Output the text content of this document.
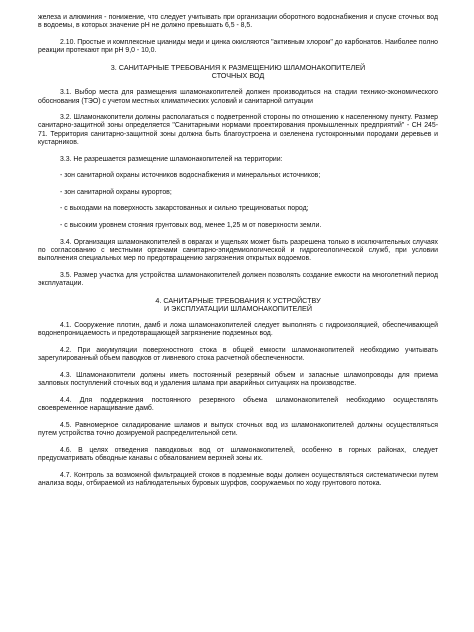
железа и алюминия - понижение, что следует учитывать при организации оборотного водоснабжения и спуске сточных вод в водоемы, в которых значение pH не должно превышать 6,5 - 8,5.

2.10. Простые и комплексные цианиды меди и цинка окисляются "активным хлором" до карбонатов. Наиболее полно реакции протекают при pH 9,0 - 10,0.

3. САНИТАРНЫЕ ТРЕБОВАНИЯ К РАЗМЕЩЕНИЮ ШЛАМОНАКОПИТЕЛЕЙ

СТОЧНЫХ ВОД

3.1. Выбор места для размещения шламонакопителей должен производиться на стадии технико-экономического обоснования (ТЭО) с учетом местных климатических условий и санитарной ситуации

3.2. Шламонакопители должны располагаться с подветренной стороны по отношению к населенному пункту. Размер санитарно-защитной зоны определяется "Санитарными нормами проектирования промышленных предприятий" - СН 245-71. Территория санитарно-защитной зоны должна быть благоустроена и озеленена густокронными породами деревьев и кустарников.

3.3. Не разрешается размещение шламонакопителей на территории:

- зон санитарной охраны источников водоснабжения и минеральных источников;

- зон санитарной охраны курортов;

- с выходами на поверхность закарстованных и сильно трещиноватых пород;

- с высоким уровнем стояния грунтовых вод, менее 1,25 м от поверхности земли.

3.4. Организация шламонакопителей в оврагах и ущельях может быть разрешена только в исключительных случаях по согласованию с местными органами санитарно-эпидемиологической и гидрогеологической служб, при условии выполнения специальных мер по предотвращению загрязнения открытых водоемов.

3.5. Размер участка для устройства шламонакопителей должен позволять создание емкости на многолетний период эксплуатации.

4. САНИТАРНЫЕ ТРЕБОВАНИЯ К УСТРОЙСТВУ

И ЭКСПЛУАТАЦИИ ШЛАМОНАКОПИТЕЛЕЙ

4.1. Сооружение плотин, дамб и ложа шламонакопителей следует выполнять с гидроизоляцией, обеспечивающей водонепроницаемость и предотвращающей загрязнение подземных вод.

4.2. При аккумуляции поверхностного стока в общей емкости шламонакопителей необходимо учитывать зарегулированный объем паводков от ливневого стока расчетной обеспеченности.

4.3. Шламонакопители должны иметь постоянный резервный объем и запасные шламопроводы для приема залповых поступлений сточных вод и удаления шлама при аварийных ситуациях на производстве.

4.4. Для поддержания постоянного резервного объема шламонакопителей необходимо осуществлять своевременное наращивание дамб.

4.5. Равномерное складирование шламов и выпуск сточных вод из шламонакопителей должны осуществляться путем устройства точно дозируемой распределительной сети.

4.6. В целях отведения паводковых вод от шламонакопителей, особенно в горных районах, следует предусматривать обводные канавы с обвалованием верхней зоны их.

4.7. Контроль за возможной фильтрацией стоков в подземные воды должен осуществляться систематически путем анализа воды, отбираемой из наблюдательных буровых шурфов, сооружаемых по ходу грунтового потока.
